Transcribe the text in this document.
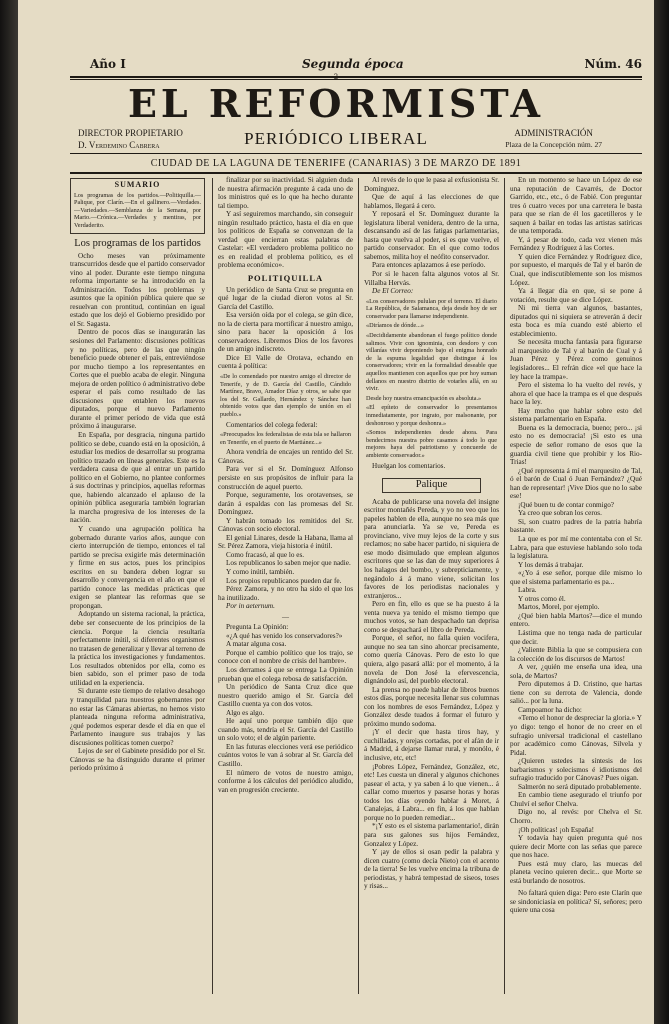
Año I	Segunda época	Núm. 46
2
EL REFORMISTA
DIRECTOR PROPIETARIO
D. Verdemino Cabrera	PERIÓDICO LIBERAL	ADMINISTRACIÓN
Plaza de la Concepción núm. 27
CIUDAD DE LA LAGUNA DE TENERIFE (CANARIAS) 3 DE MARZO DE 1891
SUMARIO
Los programas de los partidos.—Politiquilla.—Palique, por Clarín.—En el gallinero.—Verdades.—Variedades.—Semblanza de la Semana, por Mario.—Crónica.—Verdades y mentiras, por Verdaderito.
Los programas de los partidos

Ocho meses van próximamente transcurridos desde que el partido conservador vino al poder. Durante este tiempo ninguna reforma importante se ha introducido en la Administración. Todos los problemas y asuntos que la opinión pública quiere que se resuelvan con prontitud, continúan en igual estado que los dejó el Gobierno presidido por el Sr. Sagasta.

Dentro de pocos días se inaugurarán las sesiones del Parlamento: discusiones políticas y no políticas, pero de las que ningún beneficio puede obtener el país, entreviéndose por mucho tiempo a los representantes en Cortes que el pueblo acaba de elegir. Ninguna mejora de orden político ó administrativo debe esperar el país como resultado de las discusiones que entablen los nuevos diputados, porque el nuevo Parlamento durante el primer período de vida que está próximo á inaugurarse.

En España, por desgracia, ninguna partido político se debe, cuando está en la oposición, á estudiar los medios de desarrollar su programa político trazado en líneas generales. Este es la verdadera causa de que al entrar un partido político en el Gobierno, no plantee conformes á sus doctrinas y principios, aquellas reformas que, habiendo alcanzado el aplauso de la opinión pública aseguraría también lograrían la marcha progresiva de los intereses de la nación.

Y cuando una agrupación política ha gobernado durante varios años, aunque con cierto interrupción de tiempo, entonces el tal partido se precisa exigirle más determinación y firme en sus actos, pues los principios escritos en su bandera deben lograr su desarrollo y convergencia en el año en que el partido conoce las medidas prácticas que exigen se plantear las reformas que se propongan.

Adoptando un sistema racional, la práctica, debe ser consecuente de los principios de la ciencia. Porque la ciencia resultaría perfectamente inútil, si diferentes organismos no tratasen de generalizar y llevar al terreno de la práctica los investigaciones y fundamentos. Los resultados obtenidos por ella, como es bien sabido, son el primer paso de toda utilidad en la experiencia.

Si durante este tiempo de relativo desahogo y tranquilidad para nuestros gobernantes por no estar las Cámaras abiertas, no hemos visto planteada ninguna reforma administrativa, ¿qué podemos esperar desde el día en que el Parlamento inaugure sus trabajos y las discusiones políticas tomen cuerpo?

Lejos de ser el Gabinete presidido por el Sr. Cánovas se ha distinguido durante el primer período próximo á

finalizar por su inactividad. Si alguien duda de nuestra afirmación pregunte á cada uno de los ministros qué es lo que ha hecho durante tal tiempo.

Y así seguiremos marchando, sin conseguir ningún resultado práctico, hasta el día en que los políticos de España se convenzan de la verdad que encierran estas palabras de Castelar: «El verdadero problema político no es en realidad el problema político, es el problema económico».

POLITIQUILLA

Un periódico de Santa Cruz se pregunta en qué lugar de la ciudad dieron votos al Sr. García del Castillo.

Esa versión oída por el colega, se gún dice, no la de cierta para mortificar á nuestro amigo, sino para hacer la oposición á los conservadores. Libremos Dios de los favores de un amigo indiscreto.

Dice El Valle de Orotava, echando en cuenta á política:

«De lo comendado por nuestro amigo el director de Tenerife, y de D. García del Castillo, Cándido Martínez, Bravo, Amador Díaz y otros, se sabe que los del Sr. Gallardo, Hernández y Sánchez han obtenido votos que dan ejemplo de unión en el pueblo.»

Comentarios del colega federal:

«Preocupados los federalistas de esta isla se hallaron en Tenerife, en el puerto de Martiánez...»

Ahora vendría de encajes un rentido del Sr. Cánovas.

Para ver si el Sr. Domínguez Alfonso persiste en sus propósitos de influir para la construcción de aquel puerto.

Porque, seguramente, los orotavenses, se darán á espaldas con las promesas del Sr. Domínguez.

Y habrán tomado los remitidos del Sr. Cánovas con socio electoral.

El genial Linares, desde la Habana, llama al Sr. Pérez Zamora, vieja historia é inútil.

Como fracasó, al que lo es.

Los republicanos lo saben mejor que nadie.

Y como inútil, también.

Los propios republicanos pueden dar fe.

Pérez Zamora, y no otro ha sido el que los ha inutilizado.

Por in aeternum.

—

Pregunta La Opinión:

«¿A qué has venido los conservadores?»

A matar alguna cosa.

Porque el cambio político que los trajo, se conoce con el nombre de crisis del hambre».

Los derrames á que se entrega La Opinión prueban que el colega rebosa de satisfacción.

Un periódico de Santa Cruz dice que nuestro querido amigo el Sr. García del Castillo cuenta ya con dos votos.

Algo es algo.

He aquí uno porque también dijo que cuando más, tendría el Sr. García del Castillo un solo voto; el de algún pariente.

En las futuras elecciones verá ese periódico cuántos votos le van á sobrar al Sr. García del Castillo.

El número de votos de nuestro amigo, conforme á los cálculos del periódico aludido, van en progresión creciente.

Al revés de lo que le pasa al exfusionista Sr. Domínguez.

Que de aquí á las elecciones de que hablamos, llegará á cero.

Y reposará el Sr. Domínguez durante la legislatura liberal venidera, dentro de la urna, descansando así de las fatigas parlamentarias, hasta que vuelva al poder, si es que vuelve, el partido conservador. En el que como todos sabemos, milita hoy el neófito conservador.

Para entonces aplazamos á ese período.

Por si le hacen falta algunos votos al Sr. Villalba Hervás.

De El Correo:

«Los conservadores pululan por el terreno. El diario La República, de Salamanca, deja desde hoy de ser conservador para llamarse independiente.
«Diríamos de dónde...»
«Decididamente abandonan el fuego político donde salimos. Vivir con ignominia, con desdoro y con villanías vivir deponiendo bajo el enigma honrado de la espuma legalidad que distingue á los conservadores; vivir en la formalidad deseable que aquellos mantienen con aquellos que por hoy suman dellanos en nuestro distrito de votarles allá, en su vivir.
Desde hoy nuestra emancipación es absoluta.»
«El epíteto de conservador lo presentamos inmediatamente, por ingrato, por malsonante, por deshonroso y porque deshonra.»
«Somos independientes desde ahora. Para bendecirnos nuestra pobre casamos á todo lo que mejores haya del patriotismo y concuerde de ambiente conservador.»

Huelgan los comentarios.

Palique

Acaba de publicarse una novela del insigne escritor montañés Pereda, y yo no veo que los papeles hablen de ella, aunque no sea más que para anunciarla. Ya se ve, Pereda es provinciano, vive muy lejos de la corte y sus reclamos; no sabe hacer partido, ni siquiera de ese modo disimulado que emplean algunos escritores que se las dan de muy superiores á los halagos del bombo, y subrepticiamente, y negándolo á á mano viene, solicitan los favores de los periodistas nacionales y extranjeros...

Pero en fin, ello es que se ha puesto á la venta nueva ya tenido el mismo tiempo que muchos votos, se han despachado tan deprisa como se despachará el libro de Pereda.

Porque, el señor, no falla quien vocifera, aunque no sea tan sino ahorcar precisamente, como quería Cánovas. Pero de esto lo que quiera, algo pasará allá: por el momento, á la novela de Don José la efervescencia, dignándolo así, del pueblo electoral.

La prensa no puede hablar de libros buenos estos días, porque necesita llenar sus columnas con los nombres de esos Fernández, López y González desde tuados á formar el futuro y próximo mundo sodoma.

¡Y el decir que hasta tiros hay, y cuchilladas, y orejas cortadas, por el afán de ir á Madrid, á dejarse llamar rural, y monólo, é inclusive, etc, etc!

¡Pobres López, Fernández, González, etc, etc! Les cuesta un dineral y algunos chichones pasear el acta, y ya saben á lo que vienen... á callar como muertos y pasarse horas y horas todos los días oyendo hablar á Moret, á Canalejas, á Labra... en fin, á los que hablan porque no lo pueden remediar...

*¡Y esto es el sistema parlamentario!, dirán para sus galones sus hijos Fernández, Gonzalez y López.

Y ¡ay de ellos si osan pedir la palabra y dicen cuatro (como decía Nieto) con el acento de la tierra! Se les vuelve encima la tribuna de periodistas, y habrá tempestad de siseos, toses y risas...

En un momento se hace un López de ese una reputación de Cavarrés, de Doctor Garrido, etc., etc., ó de Fabié. Con preguntar tres ó cuatro veces por una carretera le basta para que se rían de él los gacetilleros y le saquen á bailar en todas las artistas satíricas de una temporada.

Y, á pesar de todo, cada vez vienen más Fernández y Rodríguez á las Cortes.

Y quien dice Fernández y Rodríguez dice, por supuesto, el marqués de Tal y el barón de Cual, que indiscutiblemente son los mismos López.

Ya á llegar día en que, si se pone á votación, resulte que se dice López.

Ni mi tierra van algunos, bastantes, diputados qui ni siquiera se atreverán á decir esta boca es mía cuando esté abierto el establecimiento.

Se necesita mucha fantasía para figurarse al marquesito de Tal y al barón de Cual y á Juan Pérez y Pérez como genuinos legisladores... El refrán dice «el que hace la ley hace la trampa».

Pero el sistema lo ha vuelto del revés, y ahora el que hace la trampa es el que después hace la ley.

Hay mucho que hablar sobre esto del sistema parlamentario en España.

Buena es la democracia, bueno; pero... ¡si esto no es democracia! ¡Si esto es una especie de señor romano de esos que la guardia civil tiene que prohibir y los Rio-Trias!

¿Qué representa á mí el marquesito de Tal, ó el barón de Cual ó Juan Fernández? ¿Qué han de representar! ¡Vive Dios que no lo sabe ese!

¡Qué buen tu de contar conmigo?

Ya creo que sobran los ceros.

Si, son cuatro padres de la patria habría bastante.

La que es por mí me contentaba con el Sr. Labra, para que estuviese hablando solo toda la legislatura.

Y los demás á trabajar.

«¿Yo á ese señor, porque dile mismo lo que el sistema parlamentario es pa...

Labra.

Y otros como él.

Martos, Morel, por ejemplo.

¿Qué bien habla Martos?—dice el mundo entero.

Lástima que no tenga nada de particular que decir.

¿Valiente Biblia la que se compusiera con la colección de los discursos de Martos!

A ver, ¿quién me enseña una idea, una sola, de Martos?

Pero diputemos á D. Cristino, que hartas tiene con su derrota de Valencia, donde salió... por la luna.

Campoamor ha dicho:

«Temo el honor de despreciar la gloria.» Y yo digo: tengo el honor de no creer en el sufragio universal tradicional el castellano por académico como Cánovas, Silvela y Pidal.

¿Quieren ustedes la síntesis de los barbarismos y solecismos é idiotismos del sufragio traducido por Cánovas? Pues oigan.

Salmerón no será diputado probablemente.

En cambio tiene asegurado el triunfo por Chulví el señor Chelva.

Digo no, al revés: por Chelva el Sr. Chorro.

¡Oh políticas! ¡oh España!

Y todavía hay quien pregunta qué nos quiere decir Morte con las señas que parece que nos hace.

Pues está muy claro, las muecas del planeta vecino quieren decir... que Morte se está burlando de nosotros.

No faltará quien diga: Pero este Clarín que se sindoniciasía en política? Sí, señores; pero quiere una cosa
